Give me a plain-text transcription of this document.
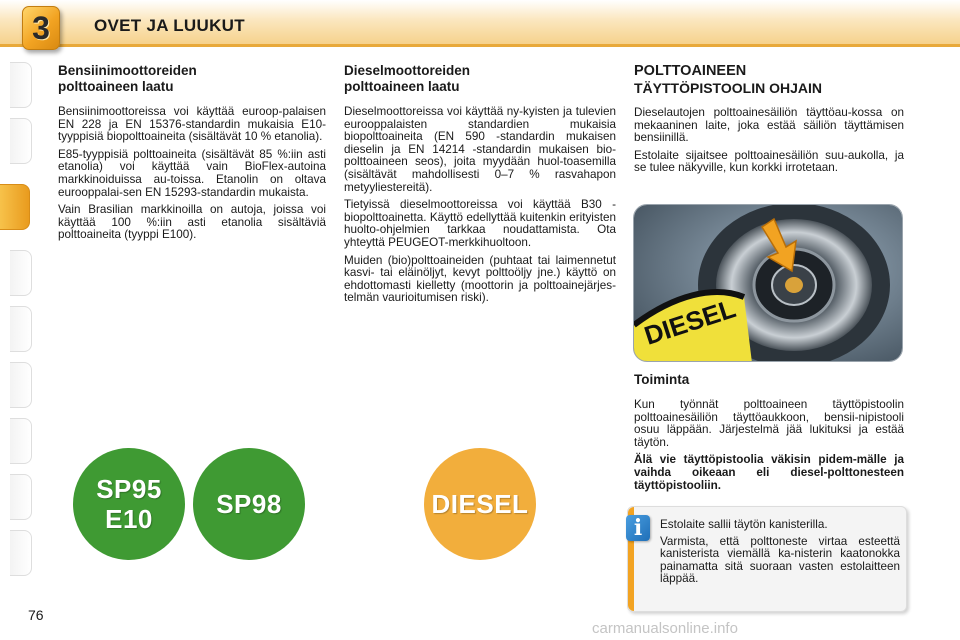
3	OVET JA LUUKUT
Bensiinimoottoreiden
polttoaineen laatu

Bensiinimoottoreissa voi käyttää euroop-palaisen EN 228 ja EN 15376-standardin mukaisia E10-tyyppisiä biopolttoaineita (sisältävät 10 % etanolia).

E85-tyyppisiä polttoaineita (sisältävät 85 %:iin asti etanolia) voi käyttää vain BioFlex-autoina markkinoiduissa au-toissa. Etanolin on oltava eurooppalai-sen EN 15293-standardin mukaista.

Vain Brasilian markkinoilla on autoja, joissa voi käyttää 100 %:iin asti etanolia sisältäviä polttoaineita (tyyppi E100).

Dieselmoottoreiden
polttoaineen laatu

Dieselmoottoreissa voi käyttää ny-kyisten ja tulevien eurooppalaisten standardien mukaisia biopolttoaineita (EN 590 -standardin mukaisen dieselin ja EN 14214 -standardin mukaisen bio-polttoaineen seos), joita myydään huol-toasemilla (sisältävät mahdollisesti 0–7 % rasvahapon metyyliestereitä).

Tietyissä dieselmoottoreissa voi käyttää B30 -biopolttoainetta. Käyttö edellyttää kuitenkin erityisten huolto-ohjelmien tarkkaa noudattamista. Ota yhteyttä PEUGEOT-merkkihuoltoon.

Muiden (bio)polttoaineiden (puhtaat tai laimennetut kasvi- tai eläinöljyt, kevyt polttoöljy jne.) käyttö on ehdottomasti kielletty (moottorin ja polttoainejärjes-telmän vaurioitumisen riski).

POLTTOAINEEN
TÄYTTÖPISTOOLIN OHJAIN

Dieselautojen polttoainesäiliön täyttöau-kossa on mekaaninen laite, joka estää säiliön täyttämisen bensiinillä.

Estolaite sijaitsee polttoainesäiliön suu-aukolla, ja se tulee näkyville, kun korkki irrotetaan.

DIESEL
Toiminta

Kun työnnät polttoaineen täyttöpistoolin polttoainesäiliön täyttöaukkoon, bensii-nipistooli osuu läppään. Järjestelmä jää lukituksi ja estää täytön.

Älä vie täyttöpistoolia väkisin pidem-mälle ja vaihda oikeaan eli diesel-polttonesteen täyttöpistooliin.

SP95
E10 SP98	DIESEL
i	Estolaite sallii täytön kanisterilla.

Varmista, että polttoneste virtaa esteettä kanisterista viemällä ka-nisterin kaatonokka painamatta sitä suoraan vasten estolaitteen läppää.

76
carmanualsonline.info
